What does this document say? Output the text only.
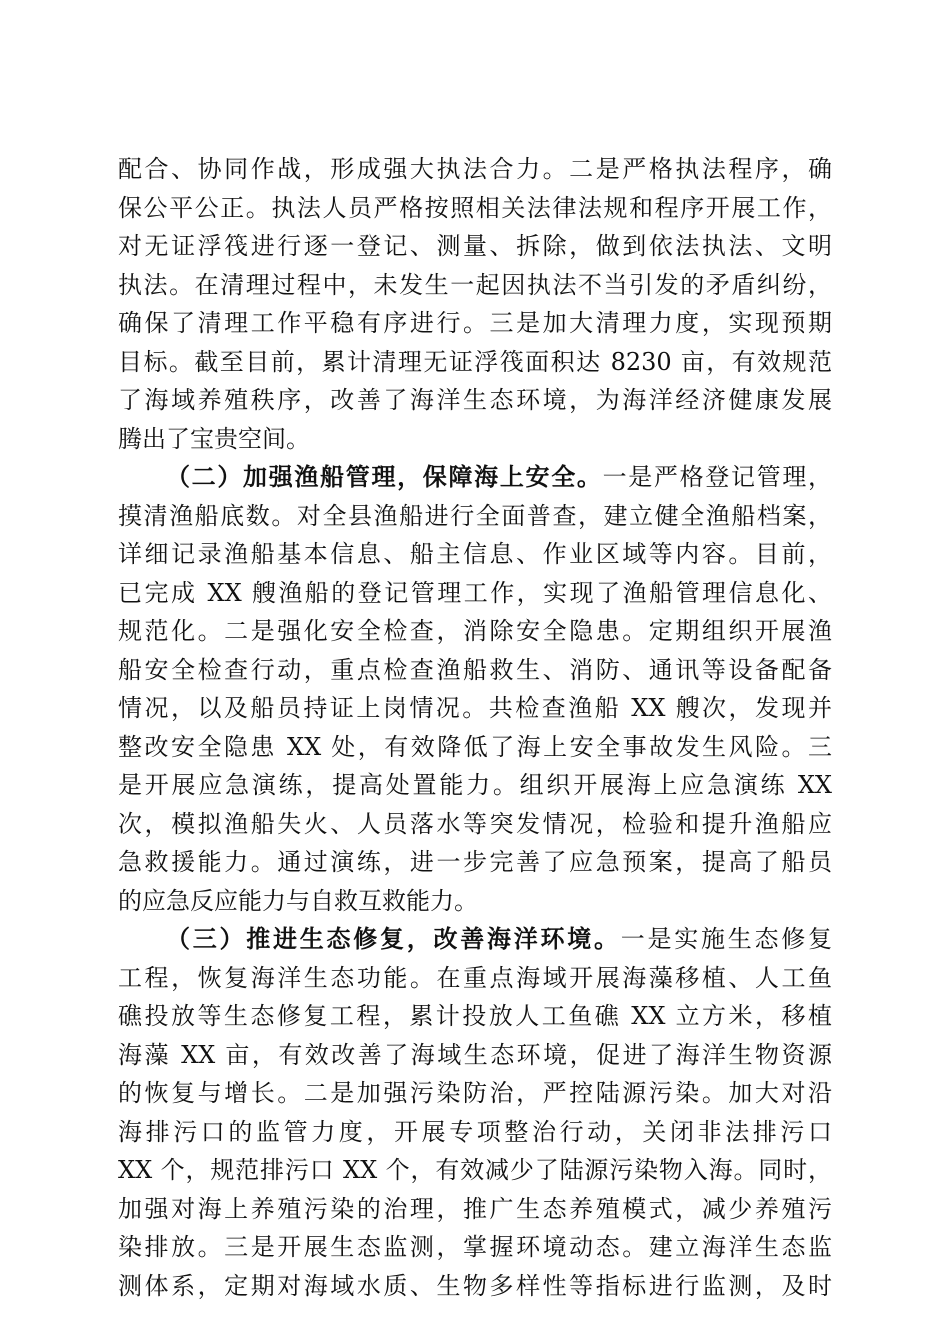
配合、协同作战，形成强大执法合力。二是严格执法程序，确
保公平公正。执法人员严格按照相关法律法规和程序开展工作，
对无证浮筏进行逐一登记、测量、拆除，做到依法执法、文明
执法。在清理过程中，未发生一起因执法不当引发的矛盾纠纷，
确保了清理工作平稳有序进行。三是加大清理力度，实现预期
目标。截至目前，累计清理无证浮筏面积达 8230 亩，有效规范
了海域养殖秩序，改善了海洋生态环境，为海洋经济健康发展
腾出了宝贵空间。
（二）加强渔船管理，保障海上安全。一是严格登记管理，
摸清渔船底数。对全县渔船进行全面普查，建立健全渔船档案，
详细记录渔船基本信息、船主信息、作业区域等内容。目前，
已完成 XX 艘渔船的登记管理工作，实现了渔船管理信息化、
规范化。二是强化安全检查，消除安全隐患。定期组织开展渔
船安全检查行动，重点检查渔船救生、消防、通讯等设备配备
情况，以及船员持证上岗情况。共检查渔船 XX 艘次，发现并
整改安全隐患 XX 处，有效降低了海上安全事故发生风险。三
是开展应急演练，提高处置能力。组织开展海上应急演练 XX
次，模拟渔船失火、人员落水等突发情况，检验和提升渔船应
急救援能力。通过演练，进一步完善了应急预案，提高了船员
的应急反应能力与自救互救能力。
（三）推进生态修复，改善海洋环境。一是实施生态修复
工程，恢复海洋生态功能。在重点海域开展海藻移植、人工鱼
礁投放等生态修复工程，累计投放人工鱼礁 XX 立方米，移植
海藻 XX 亩，有效改善了海域生态环境，促进了海洋生物资源
的恢复与增长。二是加强污染防治，严控陆源污染。加大对沿
海排污口的监管力度，开展专项整治行动，关闭非法排污口
XX 个，规范排污口 XX 个，有效减少了陆源污染物入海。同时，
加强对海上养殖污染的治理，推广生态养殖模式，减少养殖污
染排放。三是开展生态监测，掌握环境动态。建立海洋生态监
测体系，定期对海域水质、生物多样性等指标进行监测，及时
